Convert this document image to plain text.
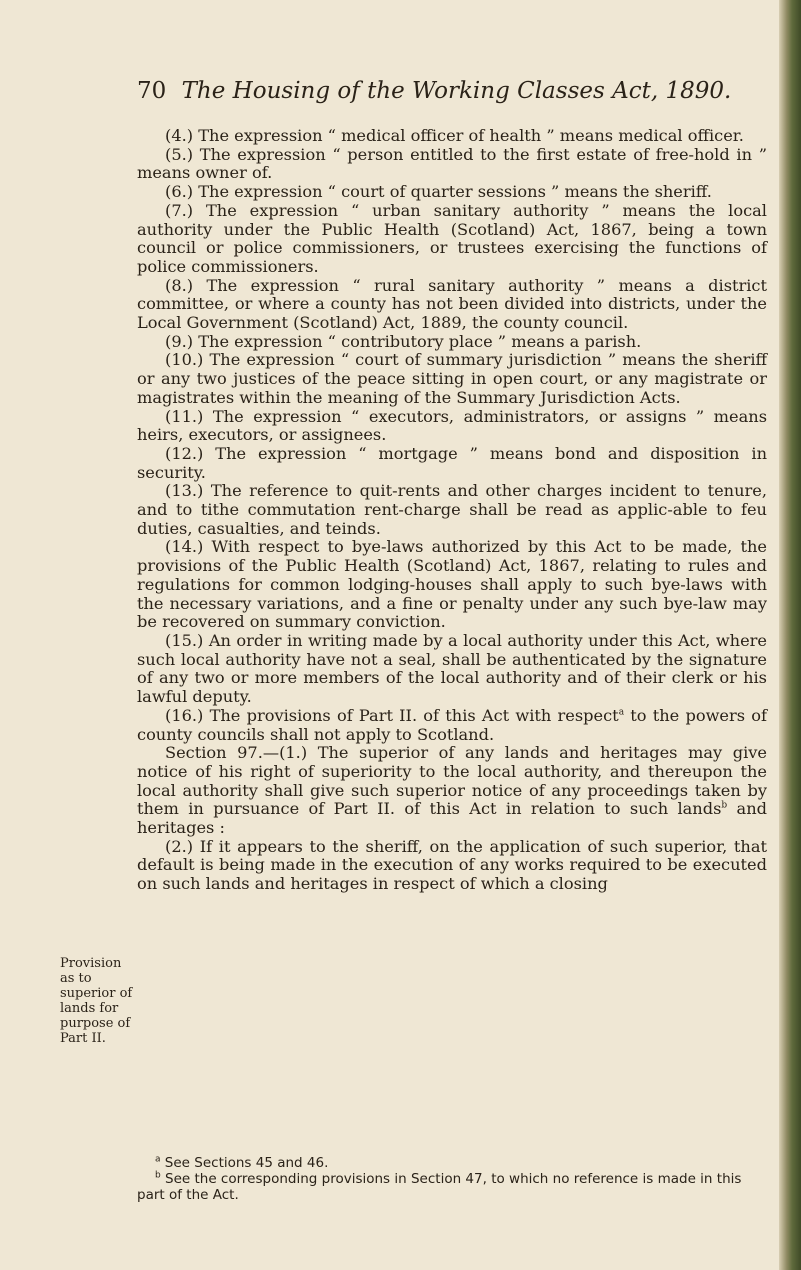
70 The Housing of the Working Classes Act, 1890.

(4.) The expression “ medical officer of health ” means medical officer.

(5.) The expression “ person entitled to the first estate of free-hold in ” means owner of.

(6.) The expression “ court of quarter sessions ” means the sheriff.

(7.) The expression “ urban sanitary authority ” means the local authority under the Public Health (Scotland) Act, 1867, being a town council or police commissioners, or trustees exercising the functions of police commissioners.

(8.) The expression “ rural sanitary authority ” means a district committee, or where a county has not been divided into districts, under the Local Government (Scotland) Act, 1889, the county council.

(9.) The expression “ contributory place ” means a parish.

(10.) The expression “ court of summary jurisdiction ” means the sheriff or any two justices of the peace sitting in open court, or any magistrate or magistrates within the meaning of the Summary Jurisdiction Acts.

(11.) The expression “ executors, administrators, or assigns ” means heirs, executors, or assignees.

(12.) The expression “ mortgage ” means bond and disposition in security.

(13.) The reference to quit-rents and other charges incident to tenure, and to tithe commutation rent-charge shall be read as applic-able to feu duties, casualties, and teinds.

(14.) With respect to bye-laws authorized by this Act to be made, the provisions of the Public Health (Scotland) Act, 1867, relating to rules and regulations for common lodging-houses shall apply to such bye-laws with the necessary variations, and a fine or penalty under any such bye-law may be recovered on summary conviction.

(15.) An order in writing made by a local authority under this Act, where such local authority have not a seal, shall be authenticated by the signature of any two or more members of the local authority and of their clerk or his lawful deputy.

(16.) The provisions of Part II. of this Act with respect$^a$ to the powers of county councils shall not apply to Scotland.

Section 97.—(1.) The superior of any lands and heritages may give notice of his right of superiority to the local authority, and thereupon the local authority shall give such superior notice of any proceedings taken by them in pursuance of Part II. of this Act in relation to such lands$^b$ and heritages :

(2.) If it appears to the sheriff, on the application of such superior, that default is being made in the execution of any works required to be executed on such lands and heritages in respect of which a closing

Provision
as to
superior of
lands for
purpose of
Part II.

$^a$ See Sections 45 and 46.

$^b$ See the corresponding provisions in Section 47, to which no reference is made in this part of the Act.
